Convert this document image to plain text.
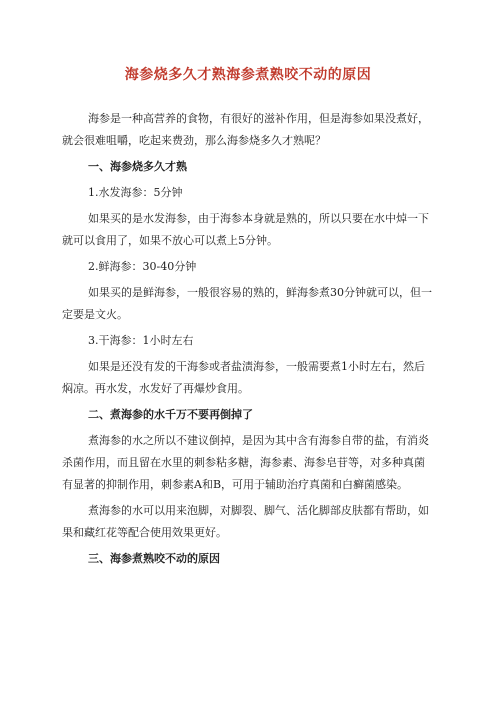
海参烧多久才熟海参煮熟咬不动的原因

海参是一种高营养的食物，有很好的滋补作用，但是海参如果没煮好，就会很难咀嚼，吃起来费劲，那么海参烧多久才熟呢？

一、海参烧多久才熟

1.水发海参：5分钟

如果买的是水发海参，由于海参本身就是熟的，所以只要在水中焯一下就可以食用了，如果不放心可以煮上5分钟。

2.鲜海参：30-40分钟

如果买的是鲜海参，一般很容易的熟的，鲜海参煮30分钟就可以，但一定要是文火。

3.干海参：1小时左右

如果是还没有发的干海参或者盐渍海参，一般需要煮1小时左右，然后焖凉。再水发，水发好了再爆炒食用。

二、煮海参的水千万不要再倒掉了

煮海参的水之所以不建议倒掉，是因为其中含有海参自带的盐，有消炎杀菌作用，而且留在水里的刺参粘多糖，海参素、海参皂苷等，对多种真菌有显著的抑制作用，刺参素A和B，可用于辅助治疗真菌和白癣菌感染。

煮海参的水可以用来泡脚，对脚裂、脚气、活化脚部皮肤都有帮助，如果和藏红花等配合使用效果更好。

三、海参煮熟咬不动的原因
